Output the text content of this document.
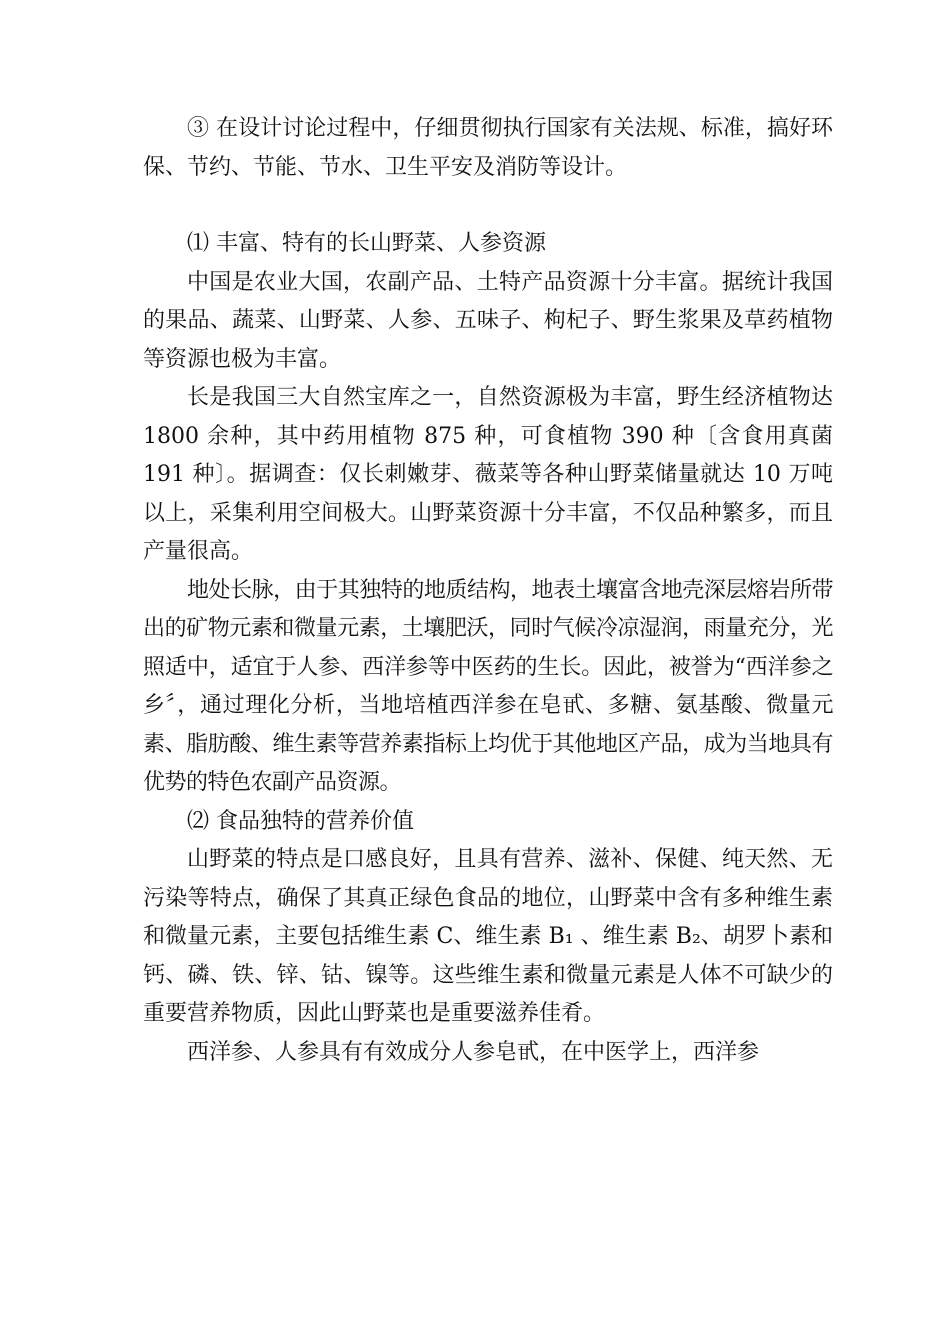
③ 在设计讨论过程中，仔细贯彻执行国家有关法规、标准，搞好环保、节约、节能、节水、卫生平安及消防等设计。

⑴ 丰富、特有的长山野菜、人参资源

中国是农业大国，农副产品、土特产品资源十分丰富。据统计我国的果品、蔬菜、山野菜、人参、五味子、枸杞子、野生浆果及草药植物等资源也极为丰富。

长是我国三大自然宝库之一，自然资源极为丰富，野生经济植物达 1800 余种，其中药用植物 875 种，可食植物 390 种〔含食用真菌 191 种〕。据调查：仅长刺嫩芽、薇菜等各种山野菜储量就达 10 万吨以上，采集利用空间极大。山野菜资源十分丰富，不仅品种繁多，而且产量很高。

地处长脉，由于其独特的地质结构，地表土壤富含地壳深层熔岩所带出的矿物元素和微量元素，土壤肥沃，同时气候冷凉湿润，雨量充分，光照适中，适宜于人参、西洋参等中医药的生长。因此，被誉为“西洋参之乡〞，通过理化分析，当地培植西洋参在皂甙、多糖、氨基酸、微量元素、脂肪酸、维生素等营养素指标上均优于其他地区产品，成为当地具有优势的特色农副产品资源。

⑵ 食品独特的营养价值

山野菜的特点是口感良好，且具有营养、滋补、保健、纯天然、无污染等特点，确保了其真正绿色食品的地位，山野菜中含有多种维生素和微量元素，主要包括维生素 C、维生素 B₁ 、维生素 B₂、胡罗卜素和钙、磷、铁、锌、钴、镍等。这些维生素和微量元素是人体不可缺少的重要营养物质，因此山野菜也是重要滋养佳肴。

西洋参、人参具有有效成分人参皂甙，在中医学上，西洋参
